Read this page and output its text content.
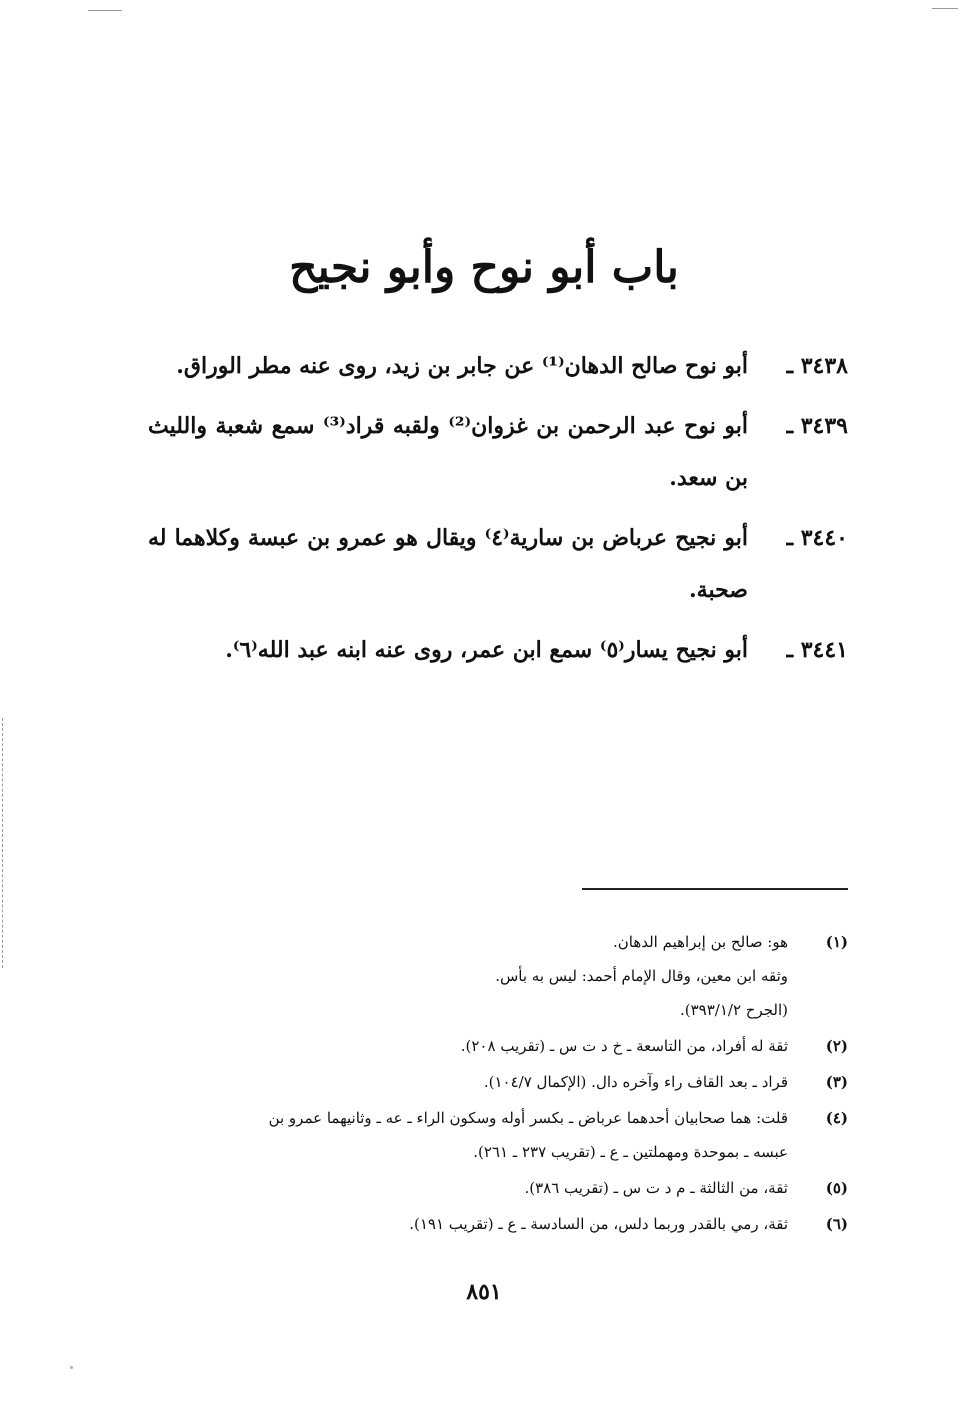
باب أبو نوح وأبو نجيح
٣٤٣٨ ـ
أبو نوح صالح الدهان⁽¹⁾ عن جابر بن زيد، روى عنه مطر الوراق.
٣٤٣٩ ـ
أبو نوح عبد الرحمن بن غزوان⁽²⁾ ولقبه قراد⁽³⁾ سمع شعبة والليث بن سعد.
٣٤٤٠ ـ
أبو نجيح عرباض بن سارية⁽٤⁾ ويقال هو عمرو بن عبسة وكلاهما له صحبة.
٣٤٤١ ـ
أبو نجيح يسار⁽٥⁾ سمع ابن عمر، روى عنه ابنه عبد الله⁽٦⁾.
(١)
هو: صالح بن إبراهيم الدهان.
وثقه ابن معين، وقال الإمام أحمد: ليس به بأس.
(الجرح ٣٩٣/١/٢).
(٢)
ثقة له أفراد، من التاسعة ـ خ د ت س ـ (تقريب ٢٠٨).
(٣)
قراد ـ بعد القاف راء وآخره دال. (الإكمال ١٠٤/٧).
(٤)
قلت: هما صحابيان أحدهما عرباض ـ بكسر أوله وسكون الراء ـ عه ـ وثانيهما عمرو بن
عبسه ـ بموحدة ومهملتين ـ ع ـ (تقريب ٢٣٧ ـ ٢٦١).
(٥)
ثقة، من الثالثة ـ م د ت س ـ (تقريب ٣٨٦).
(٦)
ثقة، رمي بالقدر وربما دلس، من السادسة ـ ع ـ (تقريب ١٩١).
٨٥١
